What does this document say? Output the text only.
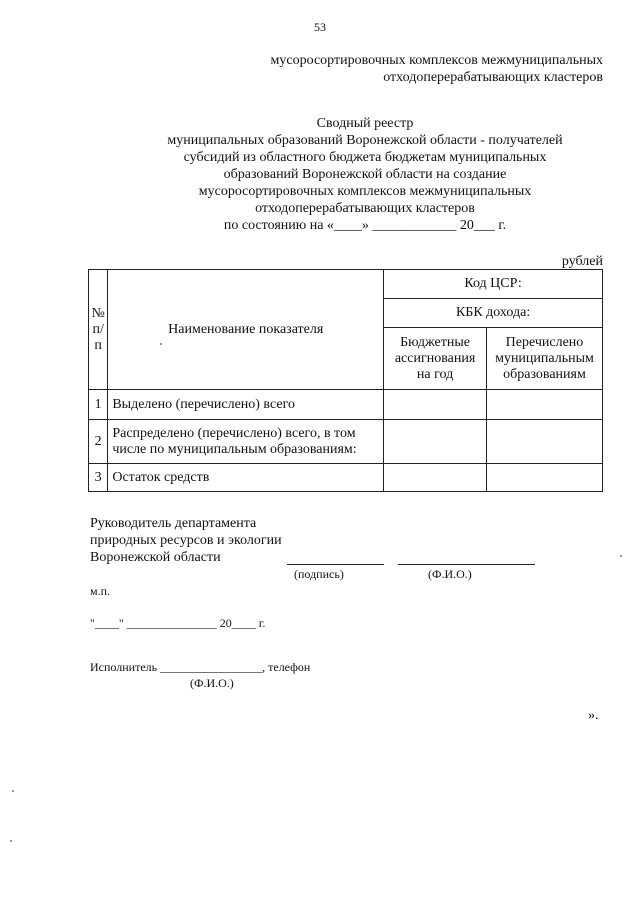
53
мусоросортировочных комплексов межмуниципальных
отходоперерабатывающих кластеров
Сводный реестр
муниципальных образований Воронежской области - получателей
субсидий из областного бюджета бюджетам муниципальных
образований Воронежской области на создание
мусоросортировочных комплексов межмуниципальных
отходоперерабатывающих кластеров
по состоянию на «____» ____________ 20___ г.
рублей
№ п/п	Наименование показателя	Код ЦСР:	
		КБК дохода:	
		Бюджетные ассигнования на год	Перечислено муниципальным образованиям
1	Выделено (перечислено) всего		
2	Распределено (перечислено) всего, в том числе по муниципальным образованиям:		
3	Остаток средств		
Руководитель департамента
природных ресурсов и экологии
Воронежской области
(подпись)	(Ф.И.О.)
м.п.
"____" _______________ 20____ г.
Исполнитель _________________, телефон
(Ф.И.О.)
».
